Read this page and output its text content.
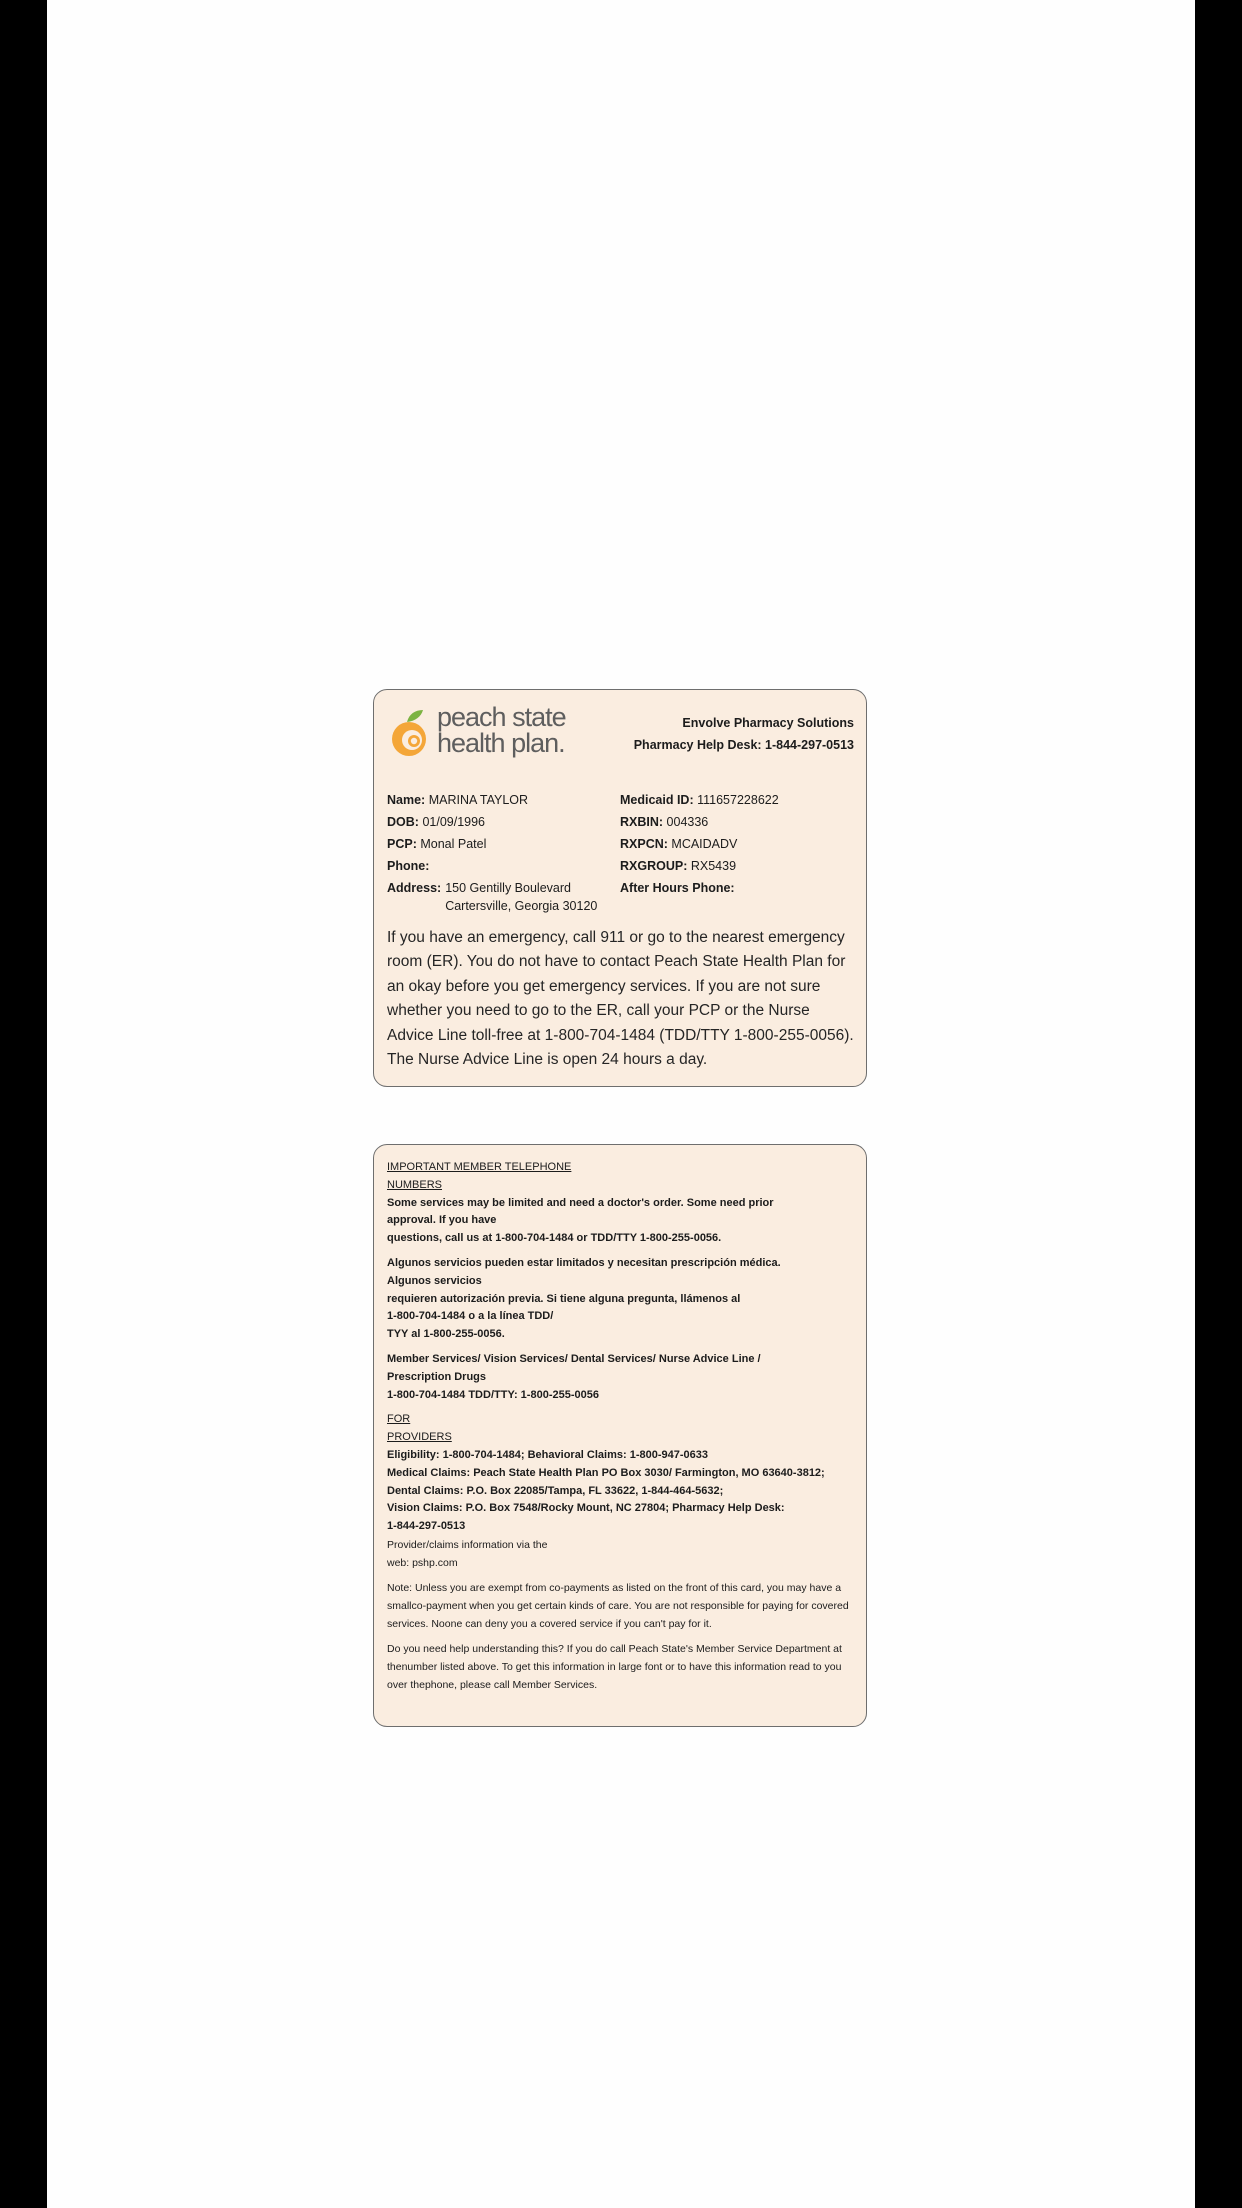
peach state
health plan.
Envolve Pharmacy Solutions
Pharmacy Help Desk: 1-844-297-0513
Name: MARINA TAYLOR
DOB: 01/09/1996
PCP: Monal Patel
Phone:
Address: 150 Gentilly Boulevard
Cartersville, Georgia 30120
Medicaid ID: 111657228622
RXBIN: 004336
RXPCN: MCAIDADV
RXGROUP: RX5439
After Hours Phone:
If you have an emergency, call 911 or go to the nearest emergency room (ER). You do not have to contact Peach State Health Plan for an okay before you get emergency services. If you are not sure whether you need to go to the ER, call your PCP or the Nurse Advice Line toll-free at 1-800-704-1484 (TDD/TTY 1-800-255-0056). The Nurse Advice Line is open 24 hours a day.

IMPORTANT MEMBER TELEPHONE

NUMBERS

Some services may be limited and need a doctor's order. Some need prior

approval. If you have

questions, call us at 1-800-704-1484 or TDD/TTY 1-800-255-0056.

Algunos servicios pueden estar limitados y necesitan prescripción médica.

Algunos servicios

requieren autorización previa. Si tiene alguna pregunta, llámenos al

1-800-704-1484 o a la línea TDD/

TYY al 1-800-255-0056.

Member Services/ Vision Services/ Dental Services/ Nurse Advice Line /

Prescription Drugs

1-800-704-1484 TDD/TTY: 1-800-255-0056

FOR

PROVIDERS

Eligibility: 1-800-704-1484; Behavioral Claims: 1-800-947-0633

Medical Claims: Peach State Health Plan PO Box 3030/ Farmington, MO 63640-3812;

Dental Claims: P.O. Box 22085/Tampa, FL 33622, 1-844-464-5632;

Vision Claims: P.O. Box 7548/Rocky Mount, NC 27804; Pharmacy Help Desk:

1-844-297-0513

Provider/claims information via the

web: pshp.com

Note: Unless you are exempt from co-payments as listed on the front of this card, you may have a smallco-payment when you get certain kinds of care. You are not responsible for paying for covered services. Noone can deny you a covered service if you can't pay for it.

Do you need help understanding this? If you do call Peach State's Member Service Department at thenumber listed above. To get this information in large font or to have this information read to you over thephone, please call Member Services.
